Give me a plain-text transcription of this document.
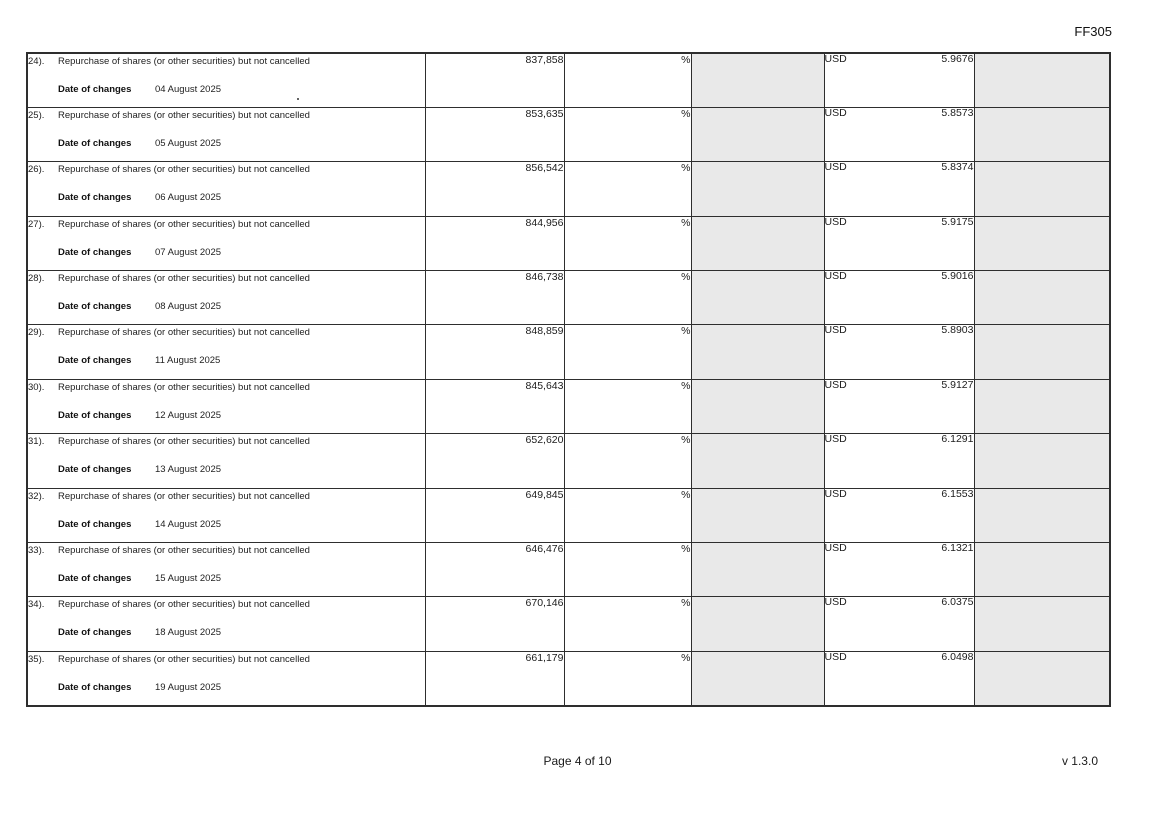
FF305
24). Repurchase of shares (or other securities) but not cancelled
Date of changes 04 August 2025
	837,858	%		USD	5.9676

25). Repurchase of shares (or other securities) but not cancelled
Date of changes 05 August 2025
	853,635	%		USD	5.8573

26). Repurchase of shares (or other securities) but not cancelled
Date of changes 06 August 2025
	856,542	%		USD	5.8374

27). Repurchase of shares (or other securities) but not cancelled
Date of changes 07 August 2025
	844,956	%		USD	5.9175

28). Repurchase of shares (or other securities) but not cancelled
Date of changes 08 August 2025
	846,738	%		USD	5.9016

29). Repurchase of shares (or other securities) but not cancelled
Date of changes 11 August 2025
	848,859	%		USD	5.8903

30). Repurchase of shares (or other securities) but not cancelled
Date of changes 12 August 2025
	845,643	%		USD	5.9127

31). Repurchase of shares (or other securities) but not cancelled
Date of changes 13 August 2025
	652,620	%		USD	6.1291

32). Repurchase of shares (or other securities) but not cancelled
Date of changes 14 August 2025
	649,845	%		USD	6.1553

33). Repurchase of shares (or other securities) but not cancelled
Date of changes 15 August 2025
	646,476	%		USD	6.1321

34). Repurchase of shares (or other securities) but not cancelled
Date of changes 18 August 2025
	670,146	%		USD	6.0375

35). Repurchase of shares (or other securities) but not cancelled
Date of changes 19 August 2025
	661,179	%		USD	6.0498

Page 4 of 10	v 1.3.0
